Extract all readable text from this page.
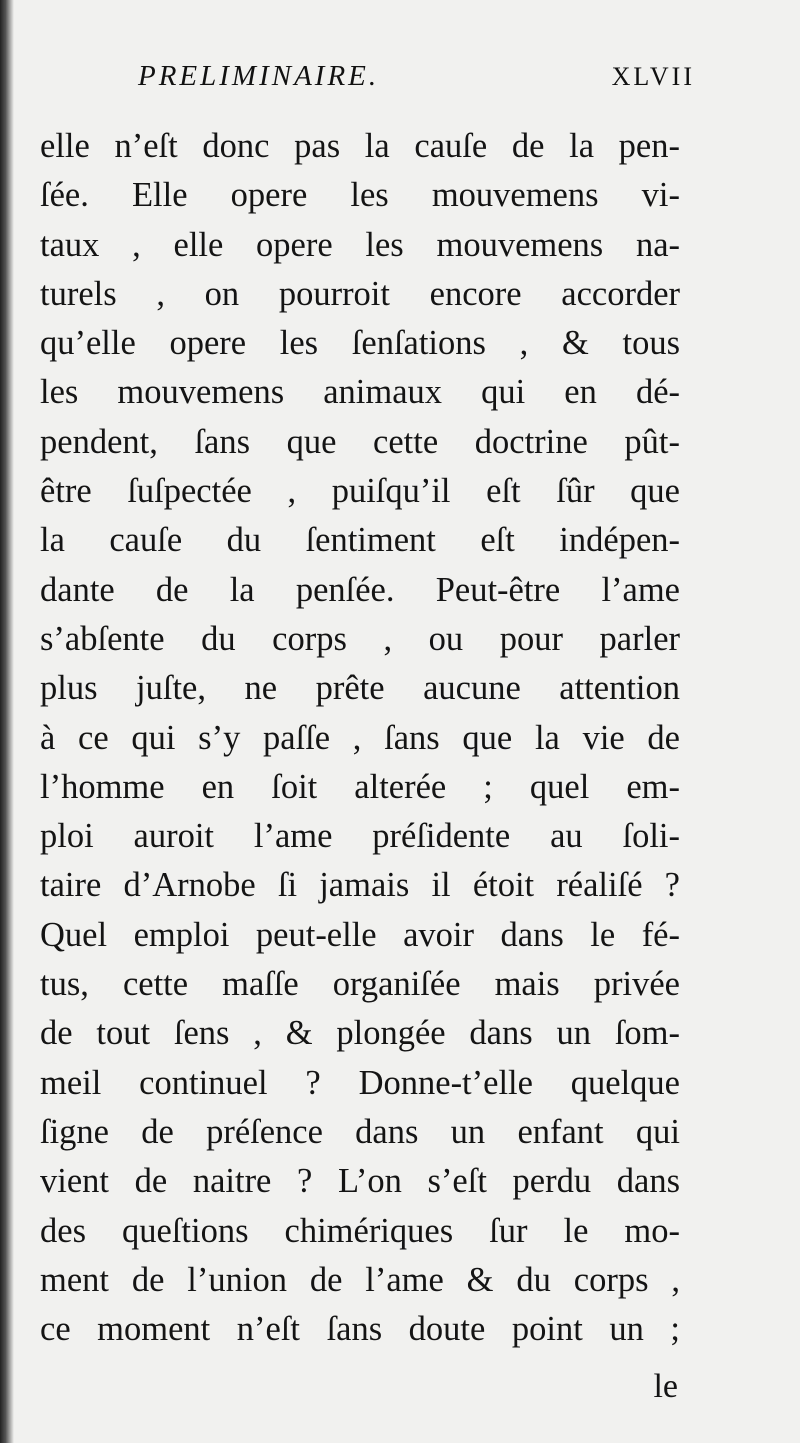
PRELIMINAIRE.	XLVII
elle n’eſt donc pas la cauſe de la pen-
ſée. Elle opere les mouvemens vi-
taux , elle opere les mouvemens na-
turels , on pourroit encore accorder
qu’elle opere les ſenſations , & tous
les mouvemens animaux qui en dé-
pendent, ſans que cette doctrine pût-
être ſuſpectée , puiſqu’il eſt ſûr que
la cauſe du ſentiment eſt indépen-
dante de la penſée. Peut-être l’ame
s’abſente du corps , ou pour parler
plus juſte, ne prête aucune attention
à ce qui s’y paſſe , ſans que la vie de
l’homme en ſoit alterée ; quel em-
ploi auroit l’ame préſidente au ſoli-
taire d’Arnobe ſi jamais il étoit réaliſé ?
Quel emploi peut-elle avoir dans le fé-
tus, cette maſſe organiſée mais privée
de tout ſens , & plongée dans un ſom-
meil continuel ? Donne-t’elle quelque
ſigne de préſence dans un enfant qui
vient de naitre ? L’on s’eſt perdu dans
des queſtions chimériques ſur le mo-
ment de l’union de l’ame & du corps ,
ce moment n’eſt ſans doute point un ;
le
